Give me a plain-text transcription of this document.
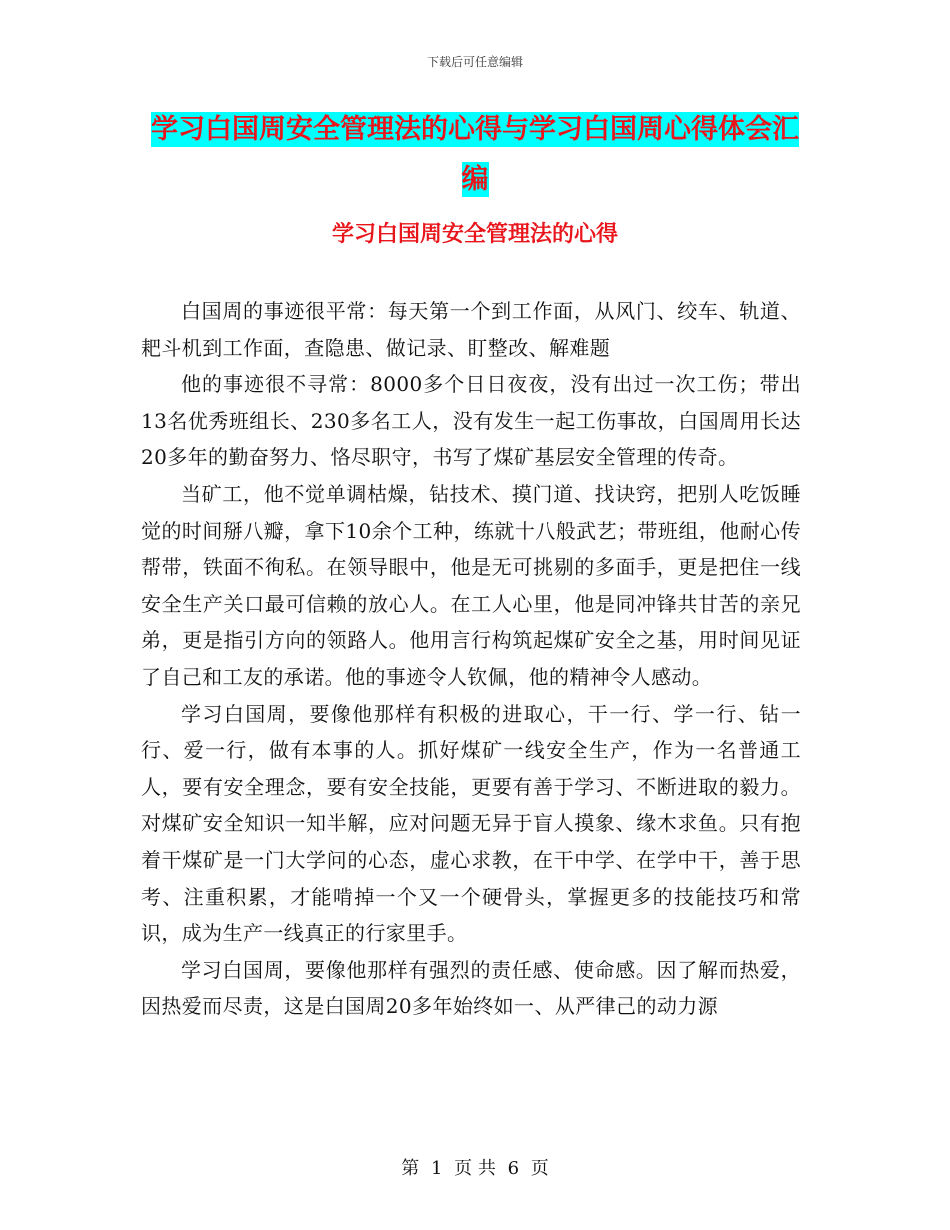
下载后可任意编辑
学习白国周安全管理法的心得与学习白国周心得体会汇编
学习白国周安全管理法的心得

白国周的事迹很平常：每天第一个到工作面，从风门、绞车、轨道、耙斗机到工作面，查隐患、做记录、盯整改、解难题

他的事迹很不寻常：8000多个日日夜夜，没有出过一次工伤；带出13名优秀班组长、230多名工人，没有发生一起工伤事故，白国周用长达20多年的勤奋努力、恪尽职守，书写了煤矿基层安全管理的传奇。

当矿工，他不觉单调枯燥，钻技术、摸门道、找诀窍，把别人吃饭睡觉的时间掰八瓣，拿下10余个工种，练就十八般武艺；带班组，他耐心传帮带，铁面不徇私。在领导眼中，他是无可挑剔的多面手，更是把住一线安全生产关口最可信赖的放心人。在工人心里，他是同冲锋共甘苦的亲兄弟，更是指引方向的领路人。他用言行构筑起煤矿安全之基，用时间见证了自己和工友的承诺。他的事迹令人钦佩，他的精神令人感动。

学习白国周，要像他那样有积极的进取心，干一行、学一行、钻一行、爱一行，做有本事的人。抓好煤矿一线安全生产，作为一名普通工人，要有安全理念，要有安全技能，更要有善于学习、不断进取的毅力。对煤矿安全知识一知半解，应对问题无异于盲人摸象、缘木求鱼。只有抱着干煤矿是一门大学问的心态，虚心求教，在干中学、在学中干，善于思考、注重积累，才能啃掉一个又一个硬骨头，掌握更多的技能技巧和常识，成为生产一线真正的行家里手。

学习白国周，要像他那样有强烈的责任感、使命感。因了解而热爱，因热爱而尽责，这是白国周20多年始终如一、从严律己的动力源

第 1 页 共 6 页
